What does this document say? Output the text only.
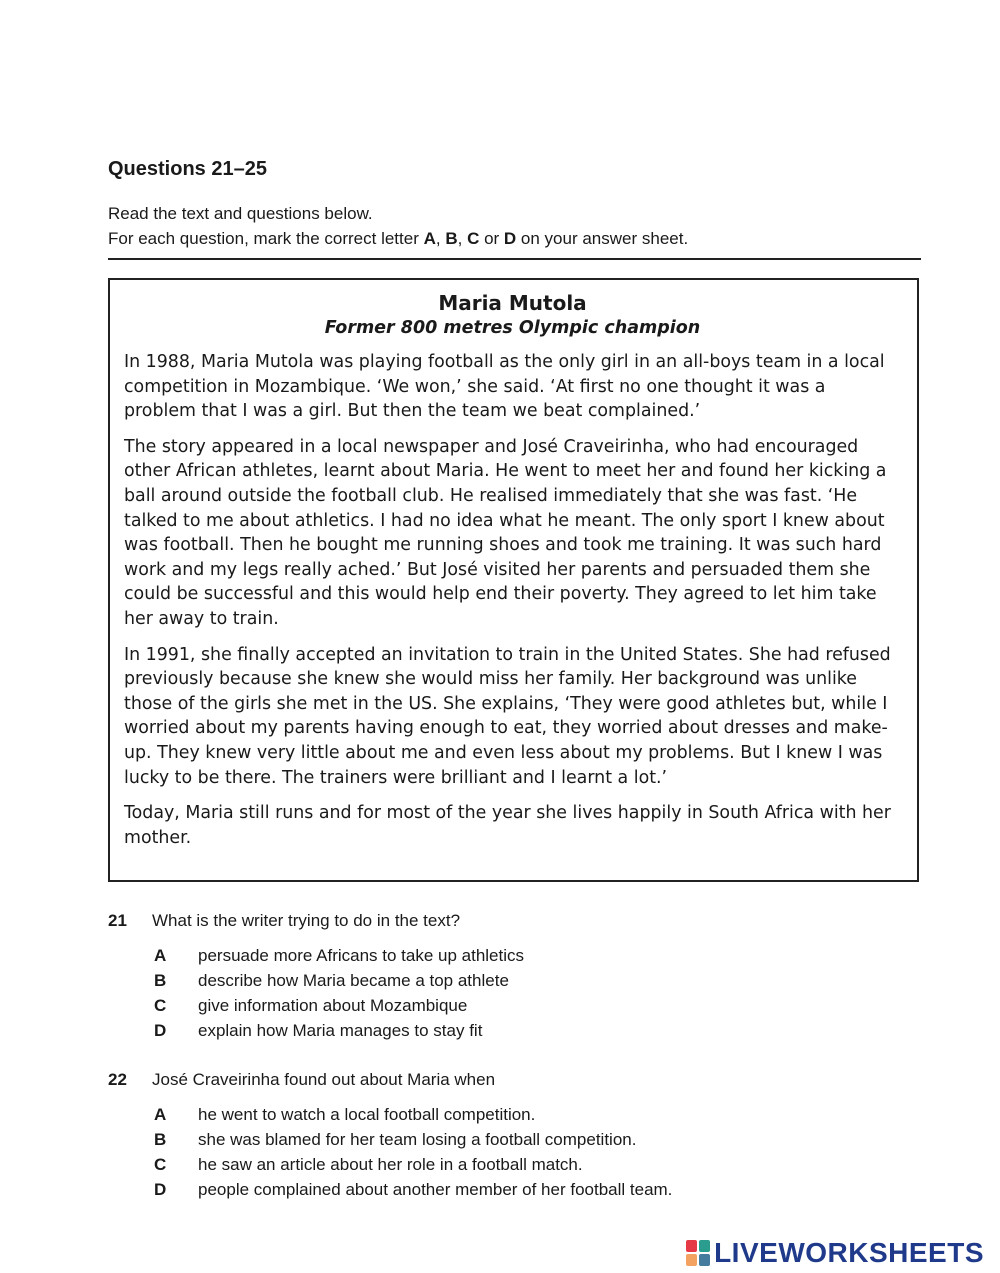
Questions 21–25
Read the text and questions below.
For each question, mark the correct letter A, B, C or D on your answer sheet.
Maria Mutola

Former 800 metres Olympic champion

In 1988, Maria Mutola was playing football as the only girl in an all-boys team in a local competition in Mozambique. ‘We won,’ she said. ‘At first no one thought it was a problem that I was a girl. But then the team we beat complained.’

The story appeared in a local newspaper and José Craveirinha, who had encouraged other African athletes, learnt about Maria. He went to meet her and found her kicking a ball around outside the football club. He realised immediately that she was fast. ‘He talked to me about athletics. I had no idea what he meant. The only sport I knew about was football. Then he bought me running shoes and took me training. It was such hard work and my legs really ached.’ But José visited her parents and persuaded them she could be successful and this would help end their poverty. They agreed to let him take her away to train.

In 1991, she finally accepted an invitation to train in the United States. She had refused previously because she knew she would miss her family. Her background was unlike those of the girls she met in the US. She explains, ‘They were good athletes but, while I worried about my parents having enough to eat, they worried about dresses and make-up. They knew very little about me and even less about my problems. But I knew I was lucky to be there. The trainers were brilliant and I learnt a lot.’

Today, Maria still runs and for most of the year she lives happily in South Africa with her mother.

21 What is the writer trying to do in the text?
A persuade more Africans to take up athletics
B describe how Maria became a top athlete
C give information about Mozambique
D explain how Maria manages to stay fit
22 José Craveirinha found out about Maria when
A he went to watch a local football competition.
B she was blamed for her team losing a football competition.
C he saw an article about her role in a football match.
D people complained about another member of her football team.
LIVEWORKSHEETS
